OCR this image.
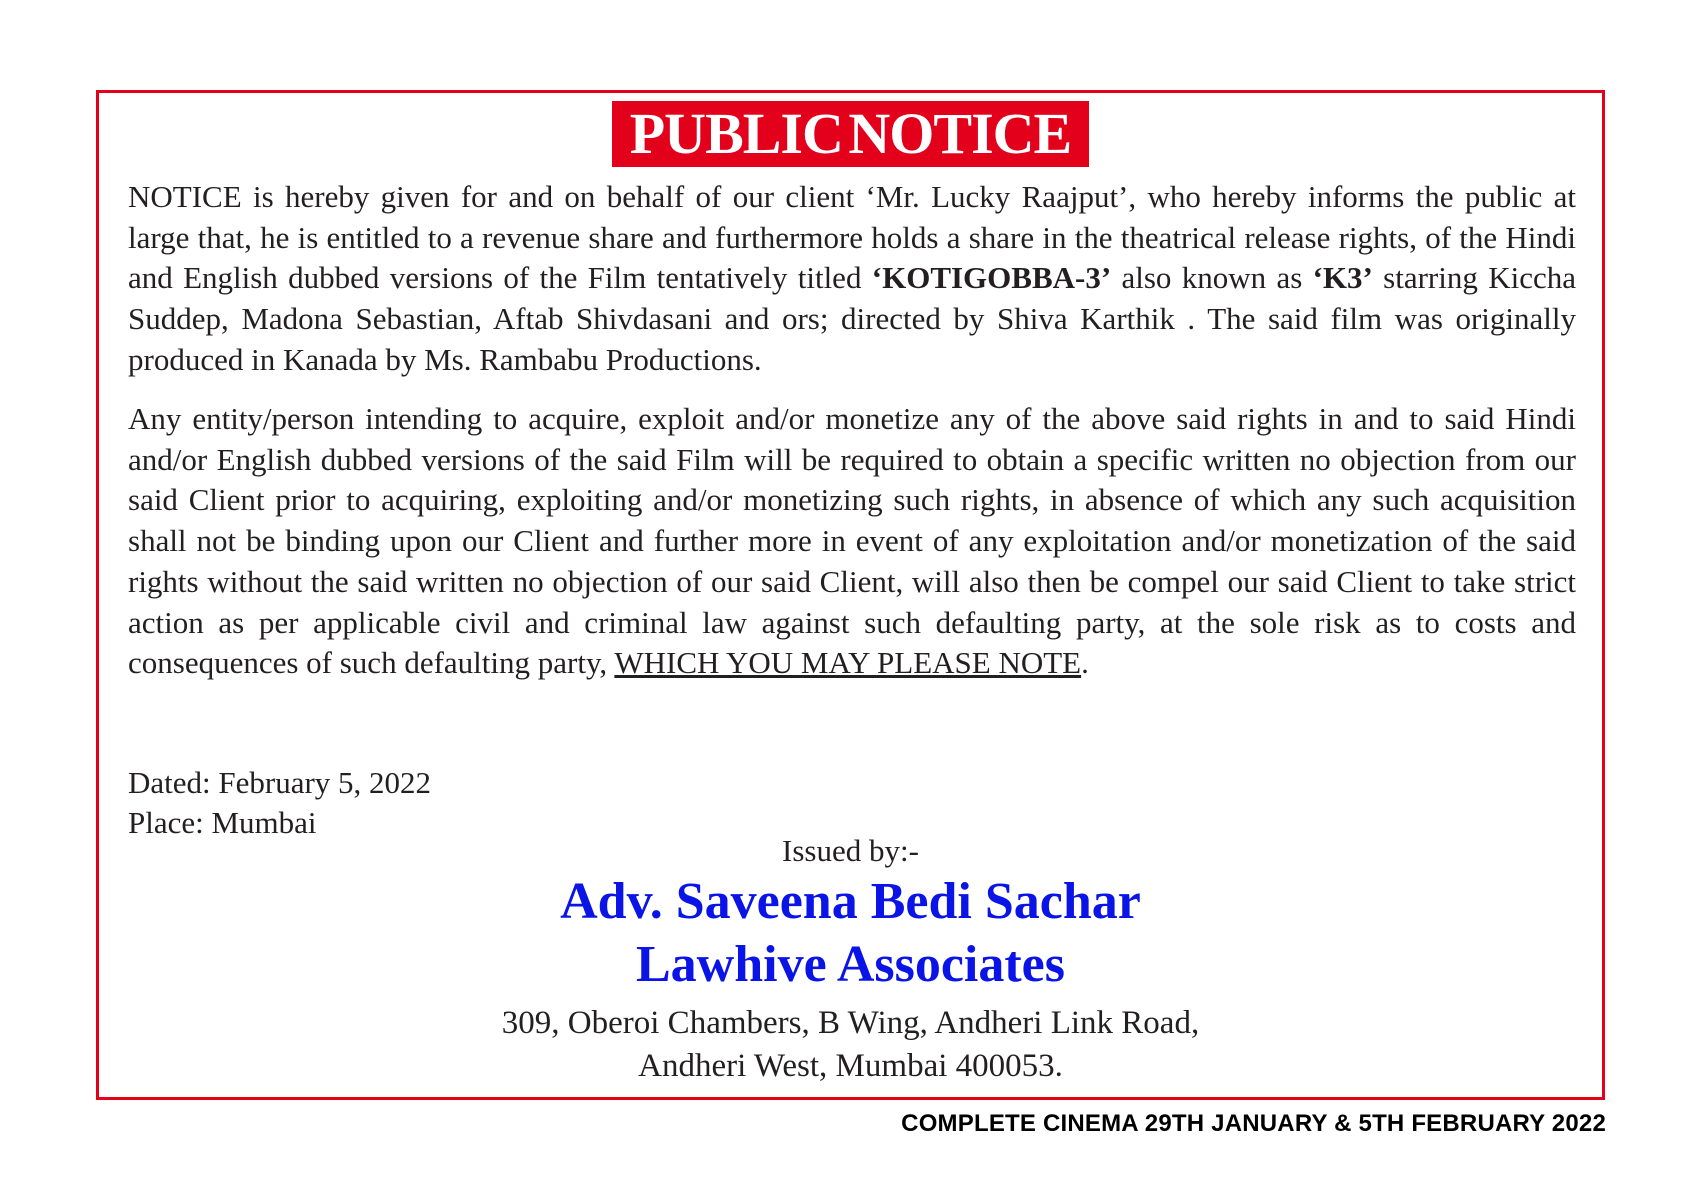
PUBLIC NOTICE
NOTICE is hereby given for and on behalf of our client ‘Mr. Lucky Raajput’, who hereby informs the public at large that, he is entitled to a revenue share and furthermore holds a share in the theatrical release rights, of the Hindi and English dubbed versions of the Film tentatively titled ‘KOTIGOBBA-3’ also known as ‘K3’ starring Kiccha Suddep, Madona Sebastian, Aftab Shivdasani and ors; directed by Shiva Karthik . The said film was originally produced in Kanada by Ms. Rambabu Productions.
Any entity/person intending to acquire, exploit and/or monetize any of the above said rights in and to said Hindi and/or English dubbed versions of the said Film will be required to obtain a specific written no objection from our said Client prior to acquiring, exploiting and/or monetizing such rights, in absence of which any such acquisition shall not be binding upon our Client and further more in event of any exploitation and/or monetization of the said rights without the said written no objection of our said Client, will also then be compel our said Client to take strict action as per applicable civil and criminal law against such defaulting party, at the sole risk as to costs and consequences of such defaulting party, WHICH YOU MAY PLEASE NOTE.
Dated: February 5, 2022
Place: Mumbai
Issued by:-
Adv. Saveena Bedi Sachar
Lawhive Associates
309, Oberoi Chambers, B Wing, Andheri Link Road,
Andheri West, Mumbai 400053.
COMPLETE CINEMA 29TH JANUARY & 5TH FEBRUARY 2022
